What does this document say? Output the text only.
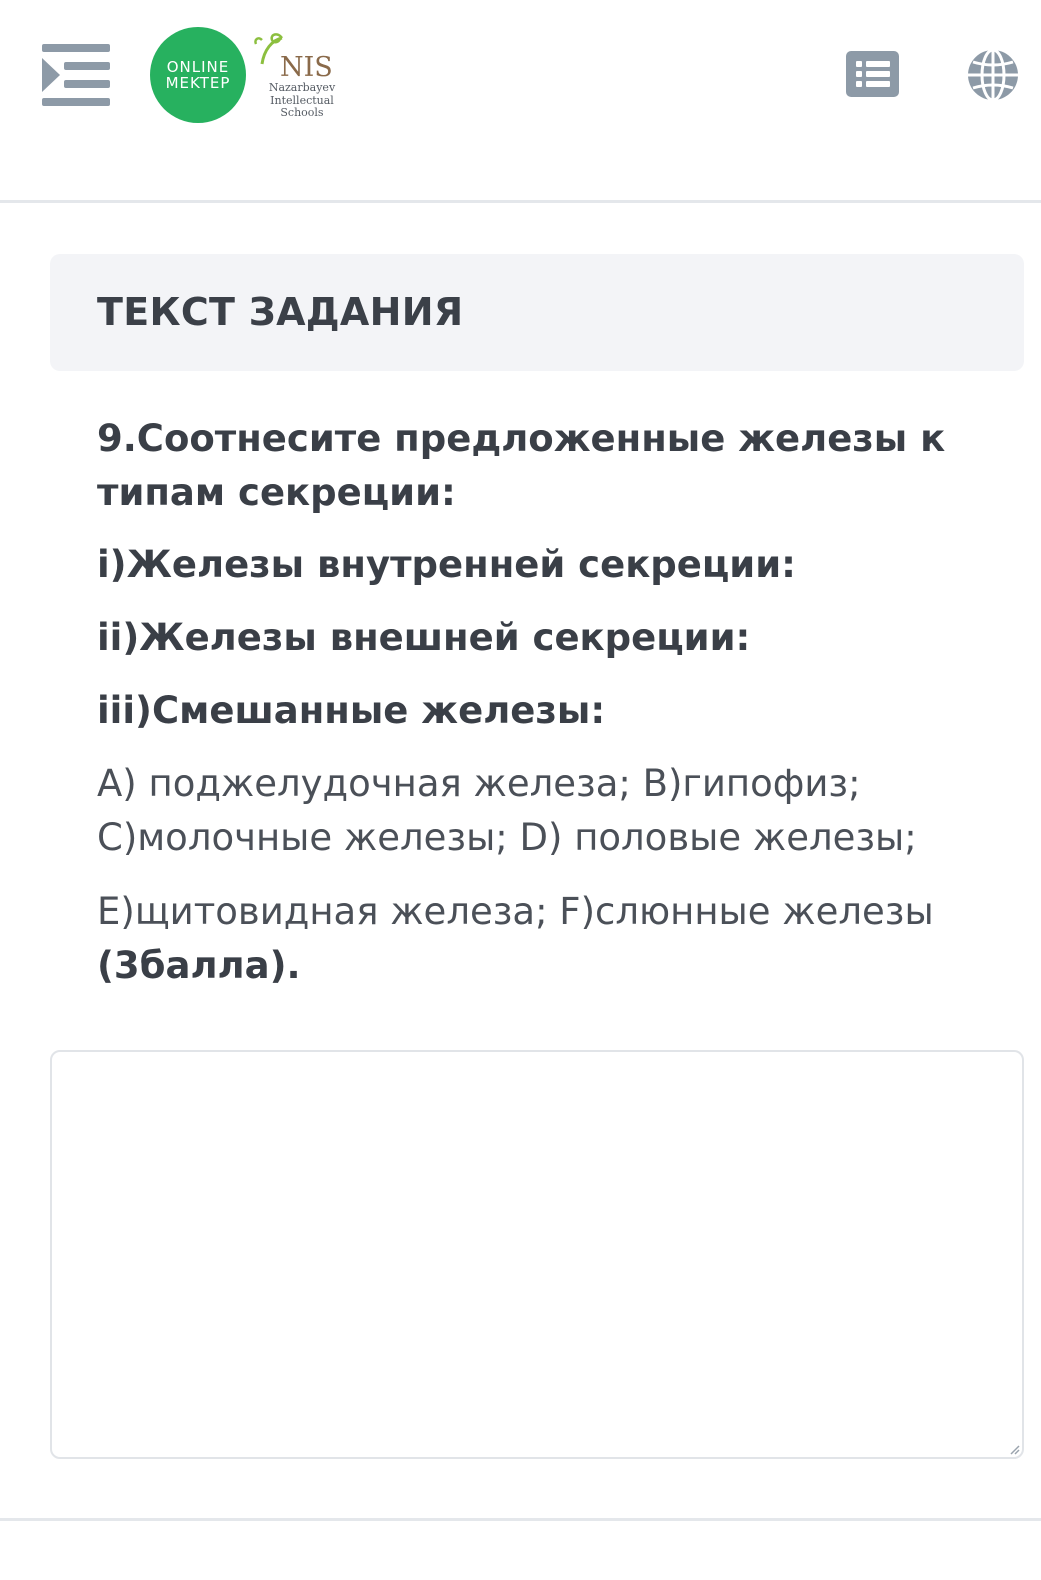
ONLINE
MEKTEP NIS
Nazarbayev
Intellectual
Schools
ТЕКСТ ЗАДАНИЯ

9.Соотнесите предложенные железы к типам секреции:

i)Железы внутренней секреции:

ii)Железы внешней секреции:

iii)Смешанные железы:

A) поджелудочная железа; B)гипофиз; C)молочные железы; D) половые железы;

E)щитовидная железа; F)слюнные железы
(3балла).
